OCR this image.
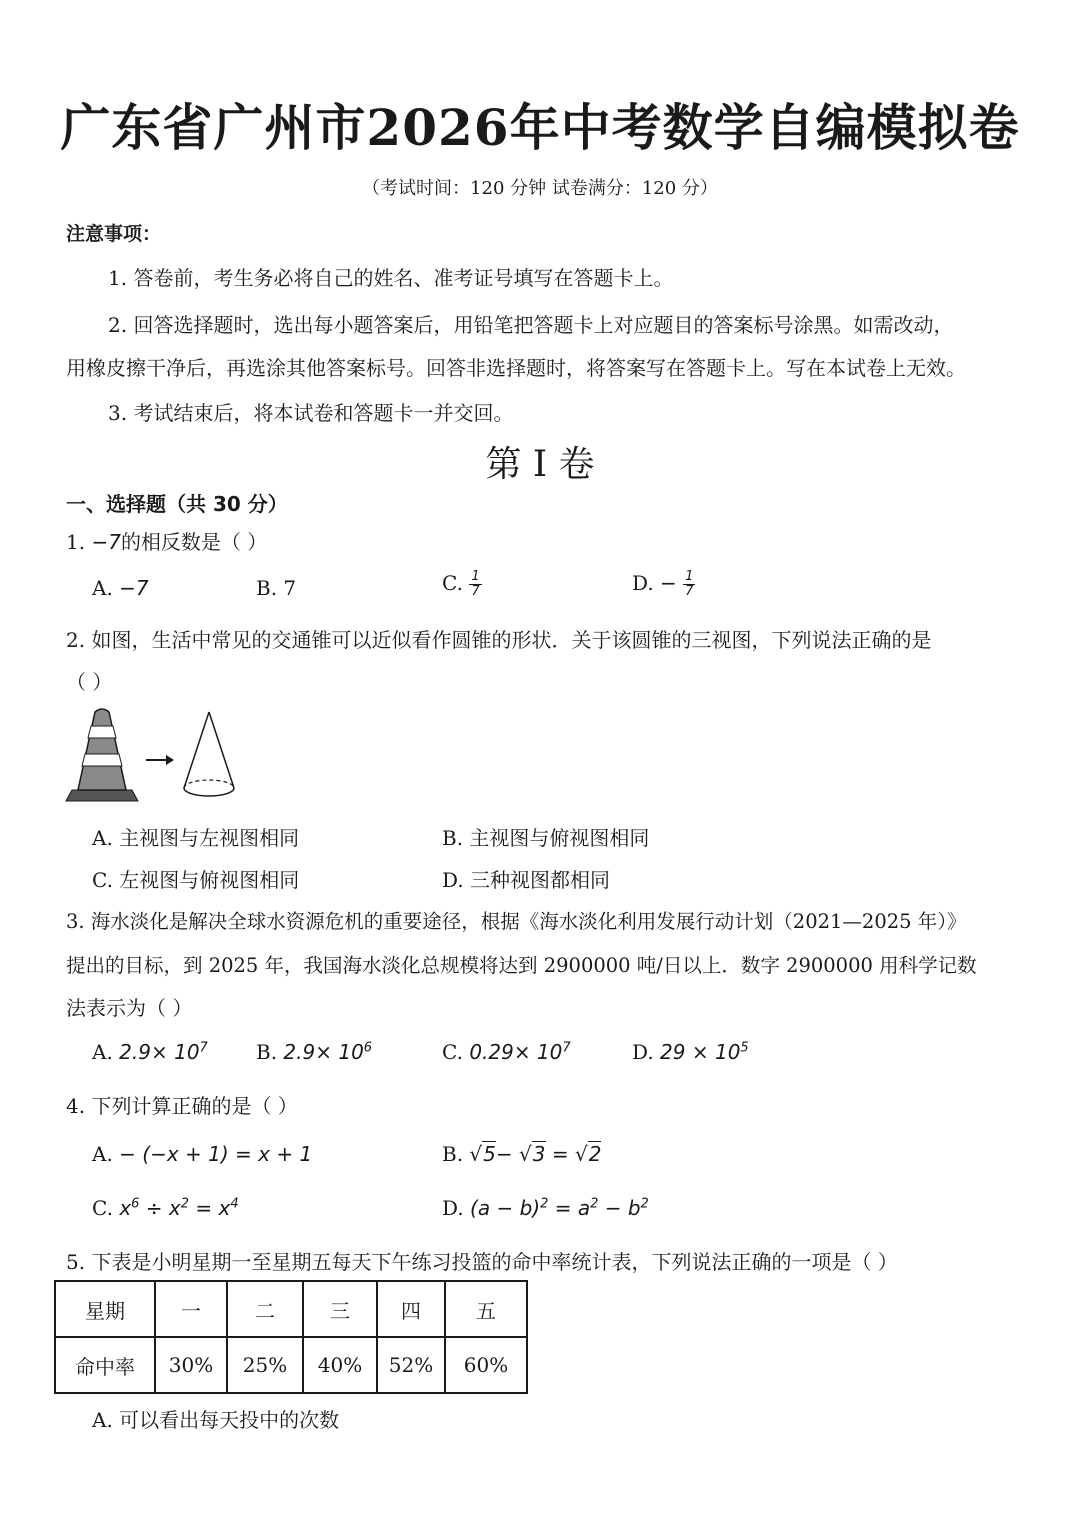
广东省广州市2026年中考数学自编模拟卷
（考试时间：120 分钟 试卷满分：120 分）
注意事项：
1. 答卷前，考生务必将自己的姓名、准考证号填写在答题卡上。
2. 回答选择题时，选出每小题答案后，用铅笔把答题卡上对应题目的答案标号涂黑。如需改动，
用橡皮擦干净后，再选涂其他答案标号。回答非选择题时，将答案写在答题卡上。写在本试卷上无效。
3. 考试结束后，将本试卷和答题卡一并交回。
第 Ⅰ 卷
一、选择题（共 30 分）
1. −7的相反数是（ ）
A. −7	B. 7	C. $\frac{1}{7}$	D. − $\frac{1}{7}$
2. 如图，生活中常见的交通锥可以近似看作圆锥的形状．关于该圆锥的三视图，下列说法正确的是
（ ）
A. 主视图与左视图相同	B. 主视图与俯视图相同
C. 左视图与俯视图相同	D. 三种视图都相同
3. 海水淡化是解决全球水资源危机的重要途径，根据《海水淡化利用发展行动计划（2021—2025 年）》
提出的目标，到 2025 年，我国海水淡化总规模将达到 2900000 吨/日以上．数字 2900000 用科学记数
法表示为（ ）
A. $2.9\times 10^7$ B. $2.9\times 10^6$	C. $0.29\times 10^7$	D. $29 \times 10^5$
4. 下列计算正确的是（ ）
A. − (−x + 1) = x + 1	B. √5− √3 = √2
C. $x^6 \div x^2 = x^4$	D. $(a - b)^2 = a^2 - b^2$
5. 下表是小明星期一至星期五每天下午练习投篮的命中率统计表，下列说法正确的一项是（ ）
星期	一	二	三	四	五
命中率	30%	25%	40%	52%	60%
A. 可以看出每天投中的次数
